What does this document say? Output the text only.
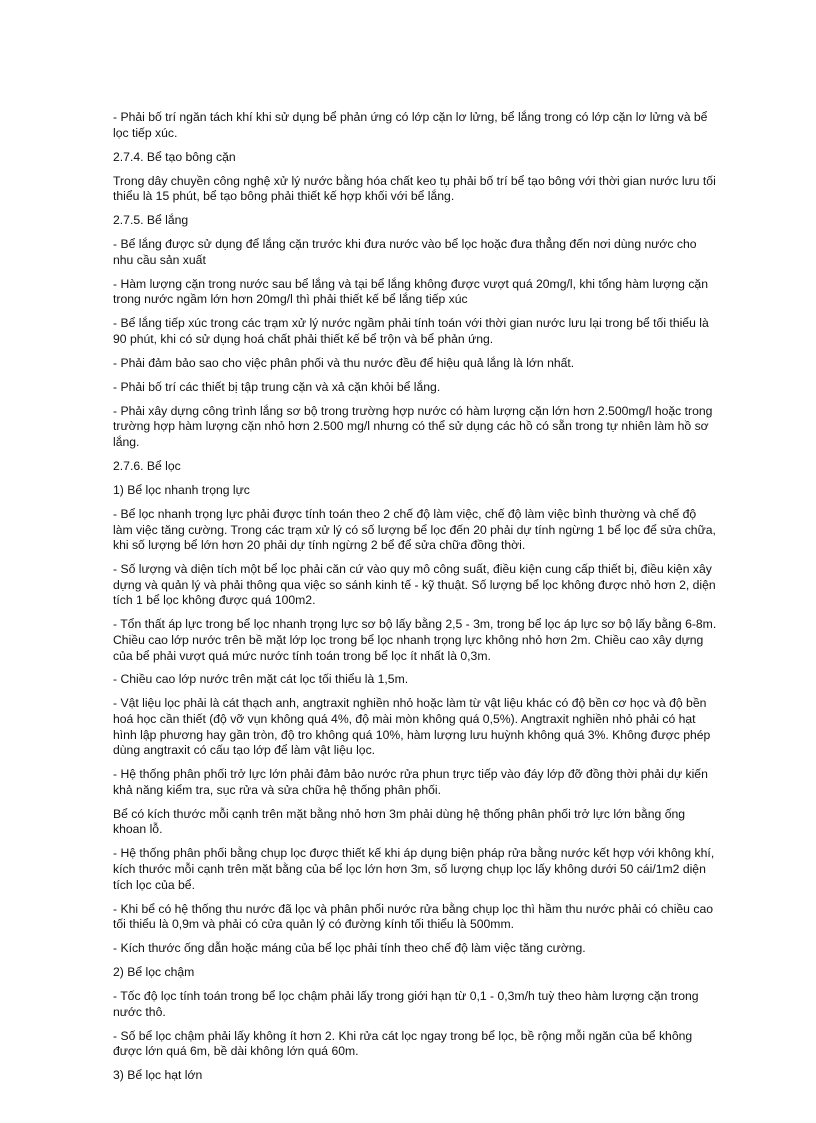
- Phải bố trí ngăn tách khí khi sử dụng bể phản ứng có lớp cặn lơ lửng, bể lắng trong có lớp cặn lơ lửng và bể lọc tiếp xúc.

2.7.4. Bể tạo bông cặn

Trong dây chuyền công nghệ xử lý nước bằng hóa chất keo tụ phải bố trí bể tạo bông với thời gian nước lưu tối thiểu là 15 phút, bể tạo bông phải thiết kế hợp khối với bể lắng.

2.7.5. Bể lắng

- Bể lắng được sử dụng để lắng cặn trước khi đưa nước vào bể lọc hoặc đưa thẳng đến nơi dùng nước cho nhu cầu sản xuất

- Hàm lượng cặn trong nước sau bể lắng và tại bể lắng không được vượt quá 20mg/l, khi tổng hàm lượng cặn trong nước ngầm lớn hơn 20mg/l thì phải thiết kế bể lắng tiếp xúc

- Bể lắng tiếp xúc trong các trạm xử lý nước ngầm phải tính toán với thời gian nước lưu lại trong bể tối thiểu là 90 phút, khi có sử dụng hoá chất phải thiết kế bể trộn và bể phản ứng.

- Phải đảm bảo sao cho việc phân phối và thu nước đều để hiệu quả lắng là lớn nhất.

- Phải bố trí các thiết bị tập trung cặn và xả cặn khỏi bể lắng.

- Phải xây dựng công trình lắng sơ bộ trong trường hợp nước có hàm lượng cặn lớn hơn 2.500mg/l hoặc trong trường hợp hàm lượng cặn nhỏ hơn 2.500 mg/l nhưng có thể sử dụng các hồ có sẵn trong tự nhiên làm hồ sơ lắng.

2.7.6. Bể lọc

1) Bể lọc nhanh trọng lực

- Bể lọc nhanh trọng lực phải được tính toán theo 2 chế độ làm việc, chế độ làm việc bình thường và chế độ làm việc tăng cường. Trong các trạm xử lý có số lượng bể lọc đến 20 phải dự tính ngừng 1 bể lọc để sửa chữa, khi số lượng bể lớn hơn 20 phải dự tính ngừng 2 bể để sửa chữa đồng thời.

- Số lượng và diện tích một bể lọc phải căn cứ vào quy mô công suất, điều kiện cung cấp thiết bị, điều kiện xây dựng và quản lý và phải thông qua việc so sánh kinh tế - kỹ thuật. Số lượng bể lọc không được nhỏ hơn 2, diện tích 1 bể lọc không được quá 100m2.

- Tổn thất áp lực trong bể lọc nhanh trọng lực sơ bộ lấy bằng 2,5 - 3m, trong bể lọc áp lực sơ bộ lấy bằng 6-8m. Chiều cao lớp nước trên bề mặt lớp lọc trong bể lọc nhanh trọng lực không nhỏ hơn 2m. Chiều cao xây dựng của bể phải vượt quá mức nước tính toán trong bể lọc ít nhất là 0,3m.

- Chiều cao lớp nước trên mặt cát lọc tối thiểu là 1,5m.

- Vật liệu lọc phải là cát thạch anh, angtraxit nghiền nhỏ hoặc làm từ vật liệu khác có độ bền cơ học và độ bền hoá học cần thiết (độ vỡ vụn không quá 4%, độ mài mòn không quá 0,5%). Angtraxit nghiền nhỏ phải có hạt hình lập phương hay gần tròn, độ tro không quá 10%, hàm lượng lưu huỳnh không quá 3%. Không được phép dùng angtraxit có cấu tạo lớp để làm vật liệu lọc.

- Hệ thống phân phối trở lực lớn phải đảm bảo nước rửa phun trực tiếp vào đáy lớp đỡ đồng thời phải dự kiến khả năng kiểm tra, sục rửa và sửa chữa hệ thống phân phối.

Bể có kích thước mỗi cạnh trên mặt bằng nhỏ hơn 3m phải dùng hệ thống phân phối trở lực lớn bằng ống khoan lỗ.

- Hệ thống phân phối bằng chụp lọc được thiết kế khi áp dụng biện pháp rửa bằng nước kết hợp với không khí, kích thước mỗi cạnh trên mặt bằng của bể lọc lớn hơn 3m, số lượng chụp lọc lấy không dưới 50 cái/1m2 diện tích lọc của bể.

- Khi bể có hệ thống thu nước đã lọc và phân phối nước rửa bằng chụp lọc thì hầm thu nước phải có chiều cao tối thiểu là 0,9m và phải có cửa quản lý có đường kính tối thiểu là 500mm.

- Kích thước ống dẫn hoặc máng của bể lọc phải tính theo chế độ làm việc tăng cường.

2) Bể lọc chậm

- Tốc độ lọc tính toán trong bể lọc chậm phải lấy trong giới hạn từ 0,1 - 0,3m/h tuỳ theo hàm lượng cặn trong nước thô.

- Số bể lọc chậm phải lấy không ít hơn 2. Khi rửa cát lọc ngay trong bể lọc, bề rộng mỗi ngăn của bể không được lớn quá 6m, bề dài không lớn quá 60m.

3) Bể lọc hạt lớn
